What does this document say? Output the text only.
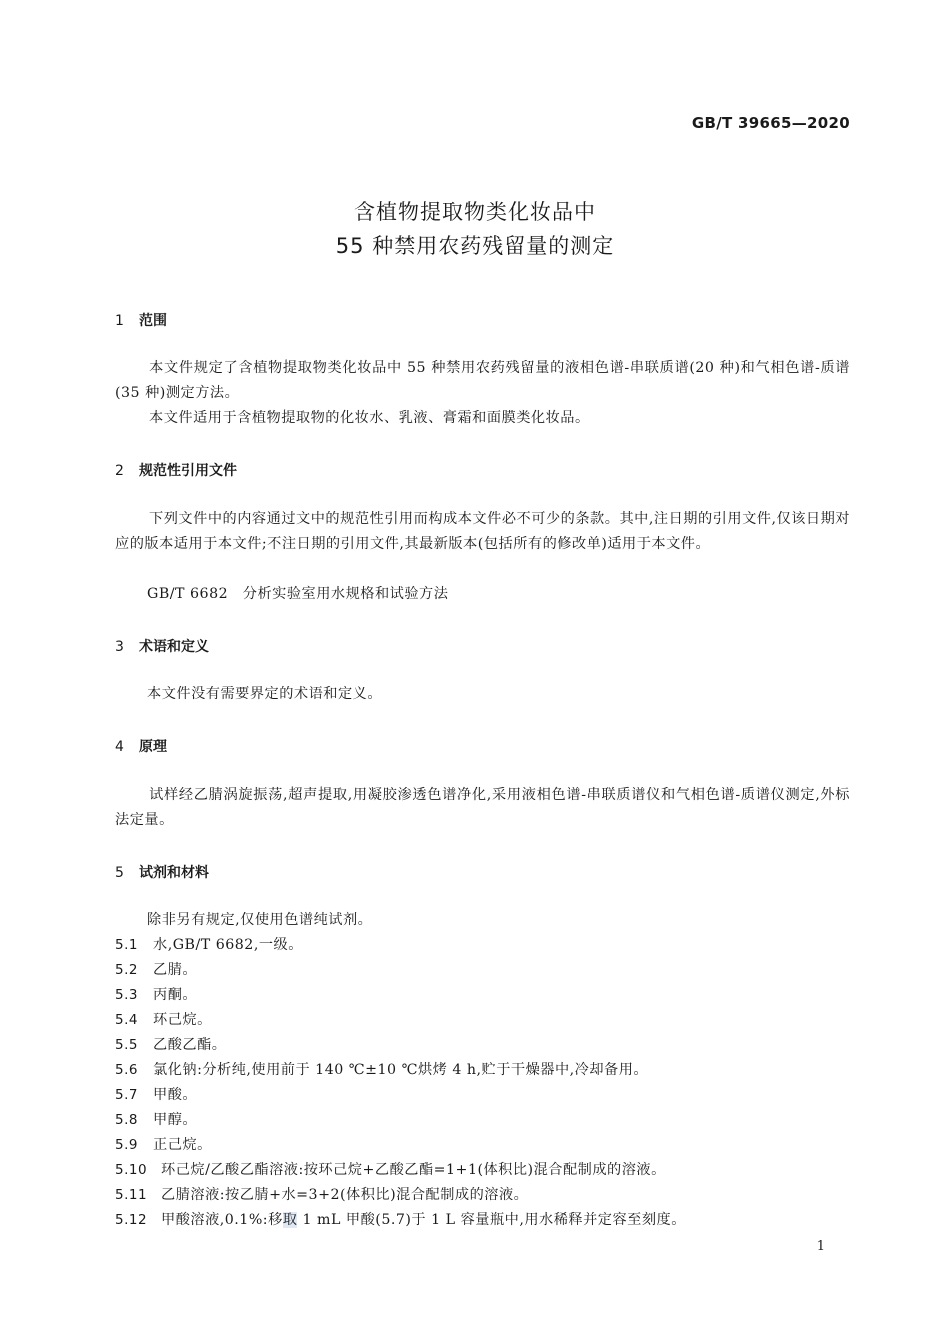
GB/T 39665—2020
含植物提取物类化妆品中
55 种禁用农药残留量的测定
1 范围
本文件规定了含植物提取物类化妆品中 55 种禁用农药残留量的液相色谱-串联质谱(20 种)和气相色谱-质谱(35 种)测定方法。
本文件适用于含植物提取物的化妆水、乳液、膏霜和面膜类化妆品。
2 规范性引用文件
下列文件中的内容通过文中的规范性引用而构成本文件必不可少的条款。其中,注日期的引用文件,仅该日期对应的版本适用于本文件;不注日期的引用文件,其最新版本(包括所有的修改单)适用于本文件。
GB/T 6682　分析实验室用水规格和试验方法
3 术语和定义
本文件没有需要界定的术语和定义。
4 原理
试样经乙腈涡旋振荡,超声提取,用凝胶渗透色谱净化,采用液相色谱-串联质谱仪和气相色谱-质谱仪测定,外标法定量。
5 试剂和材料
除非另有规定,仅使用色谱纯试剂。
5.1 水,GB/T 6682,一级。
5.2 乙腈。
5.3 丙酮。
5.4 环己烷。
5.5 乙酸乙酯。
5.6 氯化钠:分析纯,使用前于 140 ℃±10 ℃烘烤 4 h,贮于干燥器中,冷却备用。
5.7 甲酸。
5.8 甲醇。
5.9 正己烷。
5.10 环己烷/乙酸乙酯溶液:按环己烷+乙酸乙酯=1+1(体积比)混合配制成的溶液。
5.11 乙腈溶液:按乙腈+水=3+2(体积比)混合配制成的溶液。
5.12 甲酸溶液,0.1%:移取 1 mL 甲酸(5.7)于 1 L 容量瓶中,用水稀释并定容至刻度。
1
